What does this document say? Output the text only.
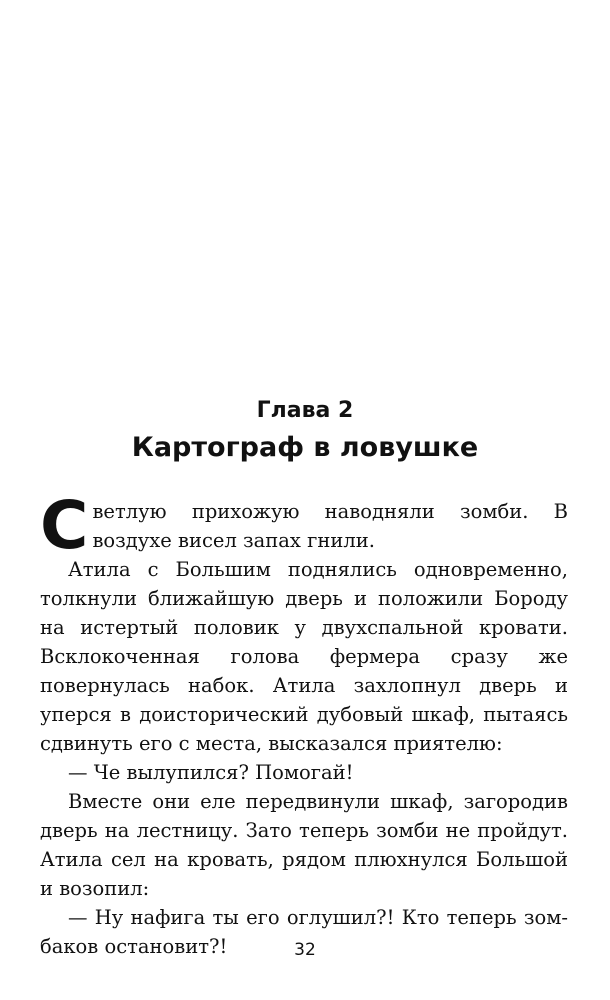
Глава 2
Картограф в ловушке

Светлую прихожую наводняли зомби. В воздухе висел запах гнили.

Атила с Большим поднялись одновременно, толкнули ближайшую дверь и положили Бороду на истертый половик у двухспальной кровати. Всклокоченная голова фермера сразу же повернулась набок. Атила захлопнул дверь и уперся в доисторический дубовый шкаф, пытаясь сдвинуть его с места, высказался приятелю:

— Че вылупился? Помогай!

Вместе они еле передвинули шкаф, загородив дверь на лестницу. Зато теперь зомби не пройдут. Атила сел на кровать, рядом плюхнулся Большой и возопил:

— Ну нафига ты его оглушил?! Кто теперь зомбаков остановит?!	32
